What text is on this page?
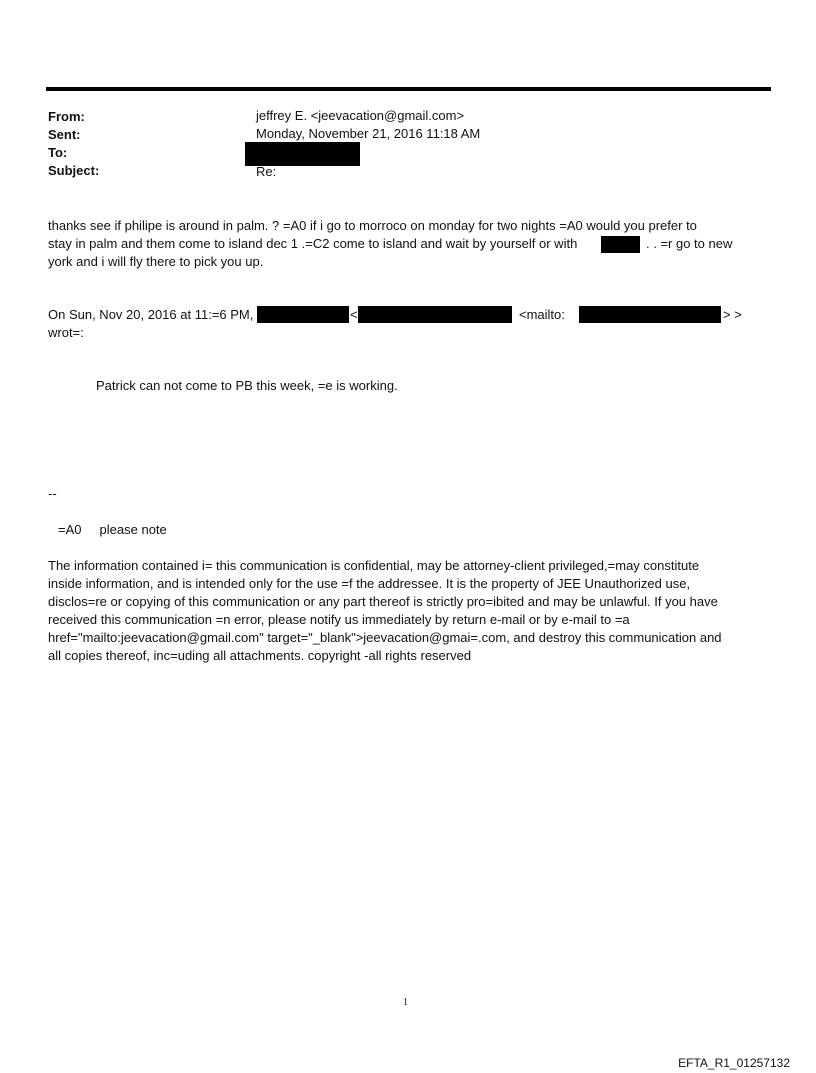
From:	jeffrey E. <jeevacation@gmail.com>
Sent:	Monday, November 21, 2016 11:18 AM
To:
Subject:	Re:
thanks see if philipe is around in palm. ? =A0 if i go to morroco on monday for two nights =A0 would you prefer to
stay in palm and them come to island dec 1 .=C2 come to island and wait by yourself or with	. . =r go to new
york and i will fly there to pick you up.
On Sun, Nov 20, 2016 at 11:=6 PM,	<	<mailto:	> >
wrot=:
Patrick can not come to PB this week, =e is working.
--
=A0     please note
The information contained i= this communication is confidential, may be attorney-client privileged,=may constitute
inside information, and is intended only for the use =f the addressee. It is the property of JEE Unauthorized use,
disclos=re or copying of this communication or any part thereof is strictly pro=ibited and may be unlawful. If you have
received this communication =n error, please notify us immediately by return e-mail or by e-mail to =a
href="mailto:jeevacation@gmail.com" target="_blank">jeevacation@gmai=.com, and destroy this communication and
all copies thereof, inc=uding all attachments. copyright -all rights reserved
1
EFTA_R1_01257132
